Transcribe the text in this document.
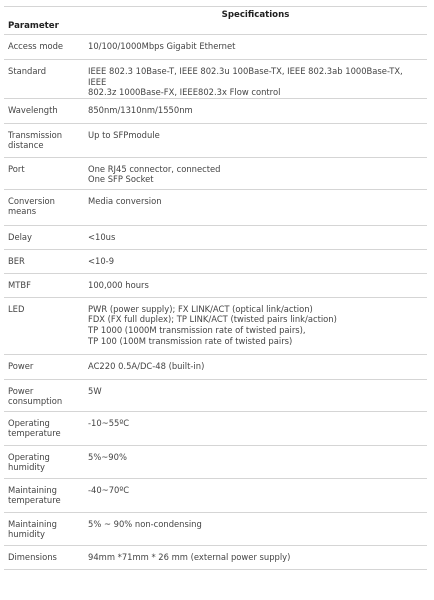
Parameter	Specifications

Access mode	10/100/1000Mbps Gigabit Ethernet

Standard	IEEE 802.3 10Base-T, IEEE 802.3u 100Base-TX, IEEE 802.3ab 1000Base-TX, IEEE
802.3z 1000Base-FX, IEEE802.3x Flow control

Wavelength	850nm/1310nm/1550nm

Transmission
distance	Up to SFPmodule

Port	One RJ45 connector, connected
One SFP Socket

Conversion
means	Media conversion

Delay	<10us

BER	<10-9

MTBF	100,000 hours

LED	PWR (power supply); FX LINK/ACT (optical link/action)
FDX (FX full duplex); TP LINK/ACT (twisted pairs link/action)
TP 1000 (1000M transmission rate of twisted pairs),
TP 100 (100M transmission rate of twisted pairs)

Power	AC220 0.5A/DC-48 (built-in)

Power
consumption	5W

Operating
temperature	-10~55ºC

Operating
humidity	5%~90%

Maintaining
temperature	-40~70ºC

Maintaining
humidity	5% ~ 90% non-condensing

Dimensions	94mm *71mm * 26 mm (external power supply)
